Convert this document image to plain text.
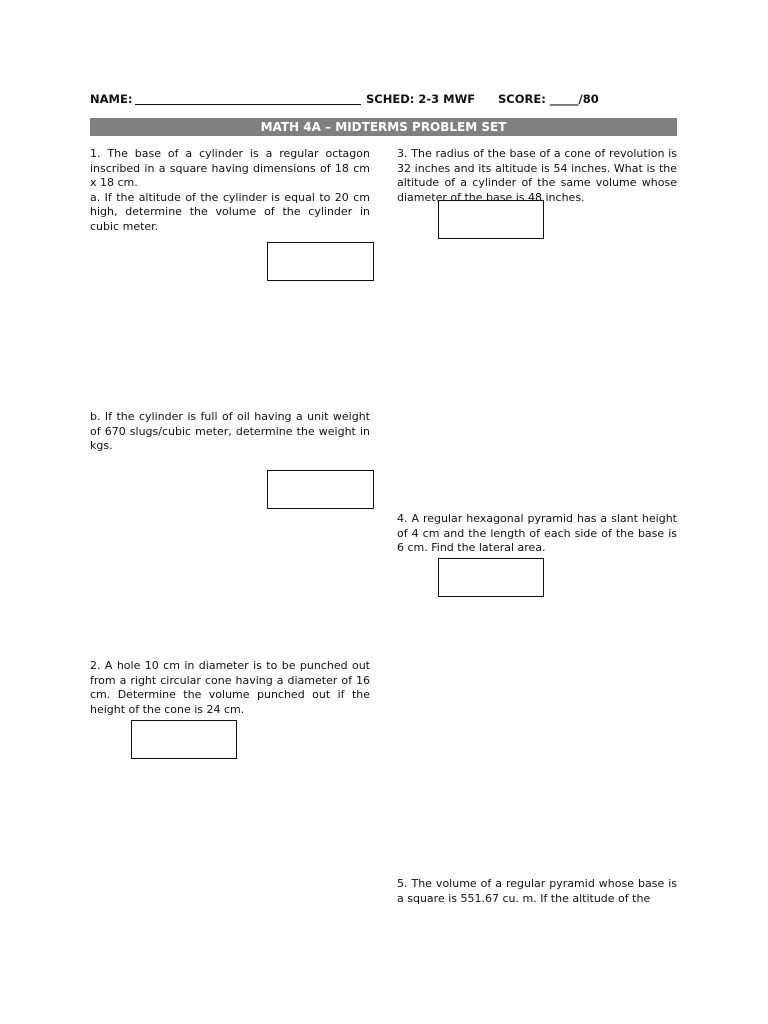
NAME:	SCHED: 2-3 MWF SCORE: _____/80
MATH 4A – MIDTERMS PROBLEM SET

1. The base of a cylinder is a regular octagon inscribed in a square having dimensions of 18 cm x 18 cm.

a. If the altitude of the cylinder is equal to 20 cm high, determine the volume of the cylinder in cubic meter.

b. If the cylinder is full of oil having a unit weight of 670 slugs/cubic meter, determine the weight in kgs.

2. A hole 10 cm in diameter is to be punched out from a right circular cone having a diameter of 16 cm. Determine the volume punched out if the height of the cone is 24 cm.

3. The radius of the base of a cone of revolution is 32 inches and its altitude is 54 inches. What is the altitude of a cylinder of the same volume whose diameter of the base is 48 inches.

4. A regular hexagonal pyramid has a slant height of 4 cm and the length of each side of the base is 6 cm. Find the lateral area.

5. The volume of a regular pyramid whose base is a square is 551.67 cu. m. If the altitude of the
